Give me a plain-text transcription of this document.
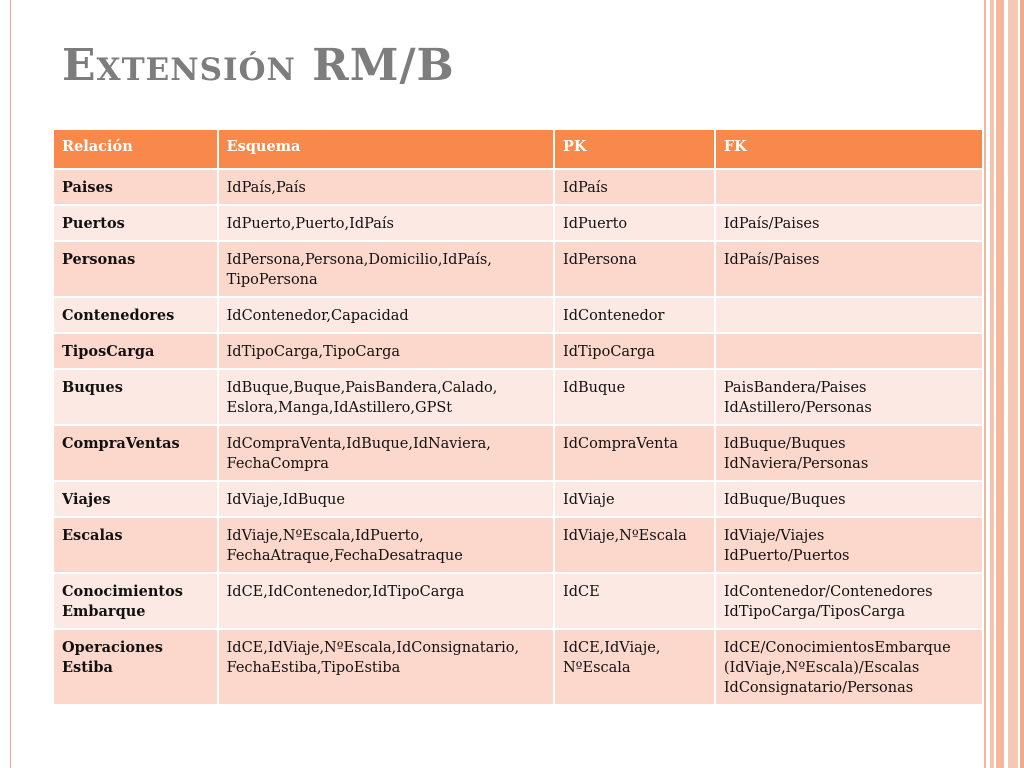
Extensión RM/B
Relación	Esquema	PK	FK

Paises	IdPaís,País	IdPaís	

Puertos	IdPuerto,Puerto,IdPaís	IdPuerto	IdPaís/Paises

Personas	IdPersona,Persona,Domicilio,IdPaís,
TipoPersona	IdPersona	IdPaís/Paises

Contenedores	IdContenedor,Capacidad	IdContenedor	

TiposCarga	IdTipoCarga,TipoCarga	IdTipoCarga	

Buques	IdBuque,Buque,PaisBandera,Calado,
Eslora,Manga,IdAstillero,GPSt	IdBuque	PaisBandera/Paises
IdAstillero/Personas

CompraVentas	IdCompraVenta,IdBuque,IdNaviera,
FechaCompra	IdCompraVenta	IdBuque/Buques
IdNaviera/Personas

Viajes	IdViaje,IdBuque	IdViaje	IdBuque/Buques

Escalas	IdViaje,NºEscala,IdPuerto,
FechaAtraque,FechaDesatraque	IdViaje,NºEscala	IdViaje/Viajes
IdPuerto/Puertos

Conocimientos
Embarque	IdCE,IdContenedor,IdTipoCarga	IdCE	IdContenedor/Contenedores
IdTipoCarga/TiposCarga

Operaciones
Estiba	IdCE,IdViaje,NºEscala,IdConsignatario,
FechaEstiba,TipoEstiba	IdCE,IdViaje,
NºEscala	IdCE/ConocimientosEmbarque
(IdViaje,NºEscala)/Escalas
IdConsignatario/Personas
